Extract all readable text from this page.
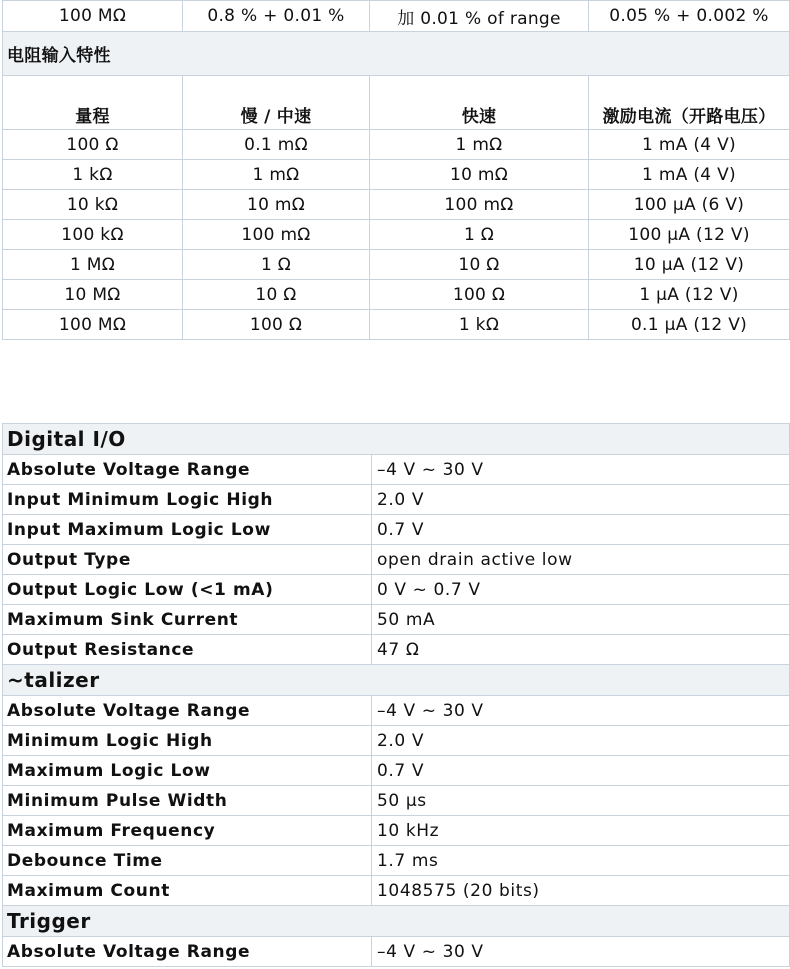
100 MΩ	0.8 % + 0.01 %	加 0.01 % of range	0.05 % + 0.002 %
电阻输入特性			
量程	慢 / 中速	快速	激励电流（开路电压）
100 Ω	0.1 mΩ	1 mΩ	1 mA (4 V)
1 kΩ	1 mΩ	10 mΩ	1 mA (4 V)
10 kΩ	10 mΩ	100 mΩ	100 μA (6 V)
100 kΩ	100 mΩ	1 Ω	100 μA (12 V)
1 MΩ	1 Ω	10 Ω	10 μA (12 V)
10 MΩ	10 Ω	100 Ω	1 μA (12 V)
100 MΩ	100 Ω	1 kΩ	0.1 μA (12 V)
Digital I/O	
Absolute Voltage Range	–4 V ~ 30 V
Input Minimum Logic High	2.0 V
Input Maximum Logic Low	0.7 V
Output Type	open drain active low
Output Logic Low (<1 mA)	0 V ~ 0.7 V
Maximum Sink Current	50 mA
Output Resistance	47 Ω
~talizer	
Absolute Voltage Range	–4 V ~ 30 V
Minimum Logic High	2.0 V
Maximum Logic Low	0.7 V
Minimum Pulse Width	50 μs
Maximum Frequency	10 kHz
Debounce Time	1.7 ms
Maximum Count	1048575 (20 bits)
Trigger	
Absolute Voltage Range	–4 V ~ 30 V
